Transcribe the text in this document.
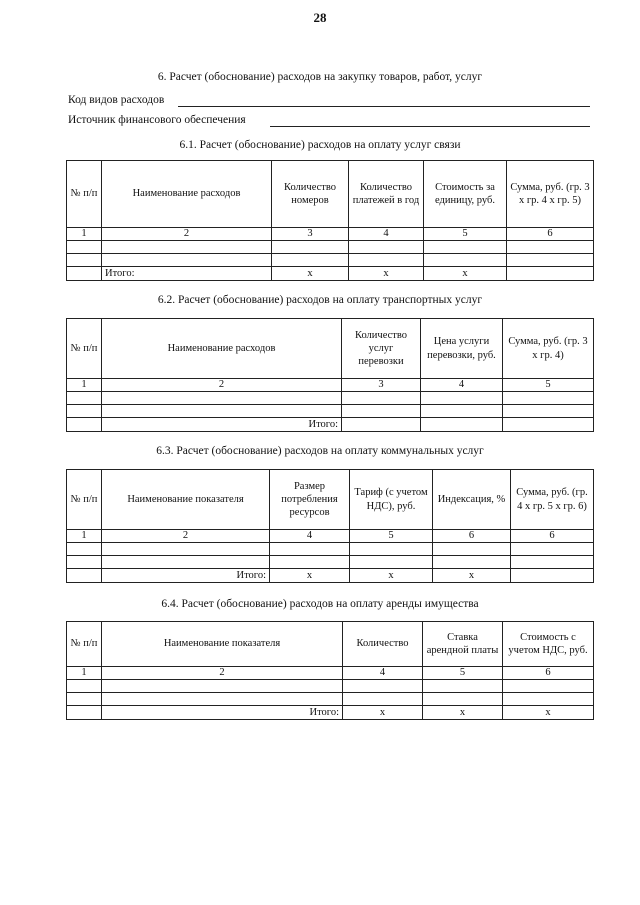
28
6. Расчет (обоснование) расходов на закупку товаров, работ, услуг
Код видов расходов
Источник финансового обеспечения
6.1. Расчет (обоснование) расходов на оплату услуг связи
№ п/п	Наименование расходов	Количество номеров	Количество платежей в год	Стоимость за единицу, руб.	Сумма, руб. (гр. 3 х гр. 4 х гр. 5)
1	2	3	4	5	6

	Итого:	х	х	х	
6.2. Расчет (обоснование) расходов на оплату транспортных услуг
№ п/п	Наименование расходов	Количество услуг перевозки	Цена услуги перевозки, руб.	Сумма, руб. (гр. 3 х гр. 4)
1	2	3	4	5

	Итого:			
6.3. Расчет (обоснование) расходов на оплату коммунальных услуг
№ п/п	Наименование показателя	Размер потребления ресурсов	Тариф (с учетом НДС), руб.	Индексация, %	Сумма, руб. (гр. 4 х гр. 5 х гр. 6)
1	2	4	5	6	6

	Итого:	х	х	х	
6.4. Расчет (обоснование) расходов на оплату аренды имущества
№ п/п	Наименование показателя	Количество	Ставка арендной платы	Стоимость с учетом НДС, руб.
1	2	4	5	6

	Итого:	х	х	х
